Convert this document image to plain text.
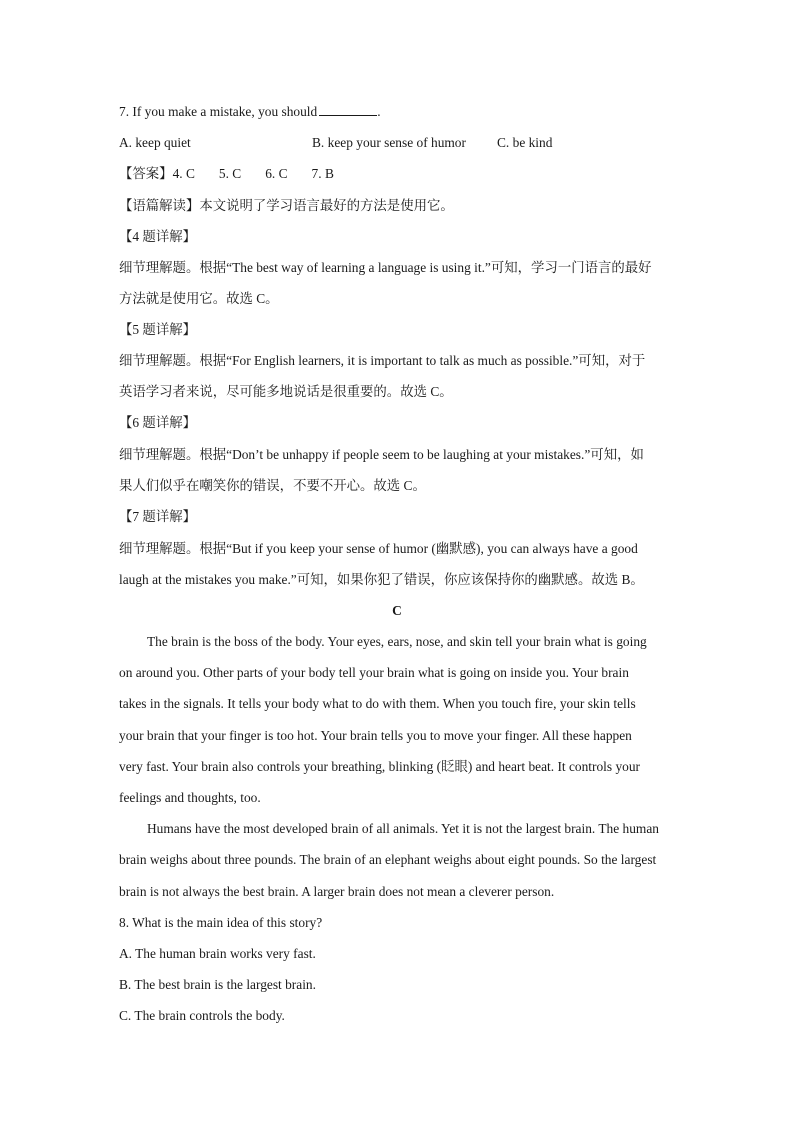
7. If you make a mistake, you should	.
A. keep quiet	B. keep your sense of humor C. be kind
【答案】4. C 5. C 6. C 7. B
【语篇解读】本文说明了学习语言最好的方法是使用它。
【4 题详解】
细节理解题。根据“The best way of learning a language is using it.”可知，学习一门语言的最好
方法就是使用它。故选 C。
【5 题详解】
细节理解题。根据“For English learners, it is important to talk as much as possible.”可知，对于
英语学习者来说，尽可能多地说话是很重要的。故选 C。
【6 题详解】
细节理解题。根据“Don’t be unhappy if people seem to be laughing at your mistakes.”可知，如
果人们似乎在嘲笑你的错误，不要不开心。故选 C。
【7 题详解】
细节理解题。根据“But if you keep your sense of humor (幽默感), you can always have a good
laugh at the mistakes you make.”可知，如果你犯了错误，你应该保持你的幽默感。故选 B。
C
The brain is the boss of the body. Your eyes, ears, nose, and skin tell your brain what is going
on around you. Other parts of your body tell your brain what is going on inside you. Your brain
takes in the signals. It tells your body what to do with them. When you touch fire, your skin tells
your brain that your finger is too hot. Your brain tells you to move your finger. All these happen
very fast. Your brain also controls your breathing, blinking (眨眼) and heart beat. It controls your
feelings and thoughts, too.
Humans have the most developed brain of all animals. Yet it is not the largest brain. The human
brain weighs about three pounds. The brain of an elephant weighs about eight pounds. So the largest
brain is not always the best brain. A larger brain does not mean a cleverer person.
8. What is the main idea of this story?
A. The human brain works very fast.
B. The best brain is the largest brain.
C. The brain controls the body.
